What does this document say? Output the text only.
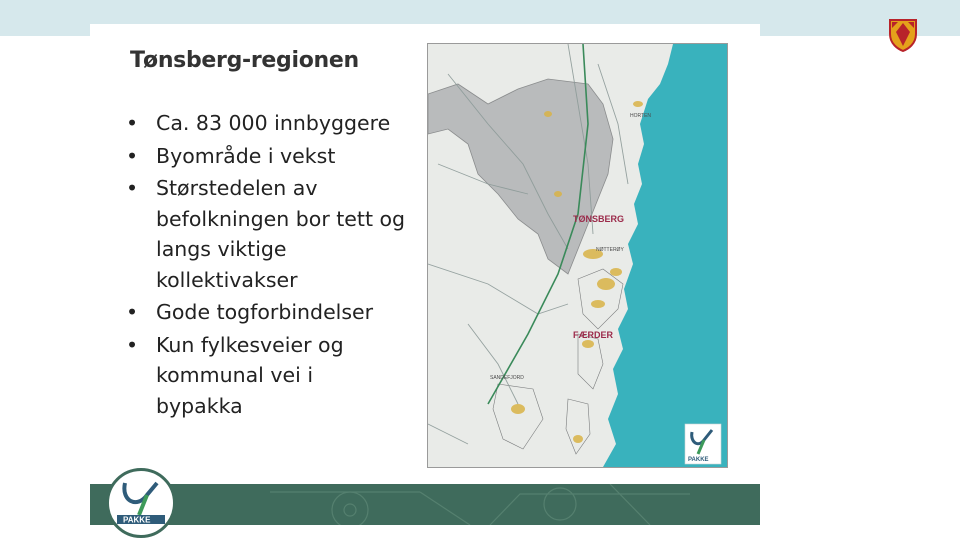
Tønsberg-regionen
• Ca. 83 000 innbyggere
• Byområde i vekst
• Størstedelen av befolkningen bor tett og langs viktige kollektivakser
• Gode togforbindelser
• Kun fylkesveier og kommunal vei i bypakka
HORTEN
TØNSBERG
NØTTERØY
FÆRDER
SANDEFJORD
PAKKE
PAKKE
